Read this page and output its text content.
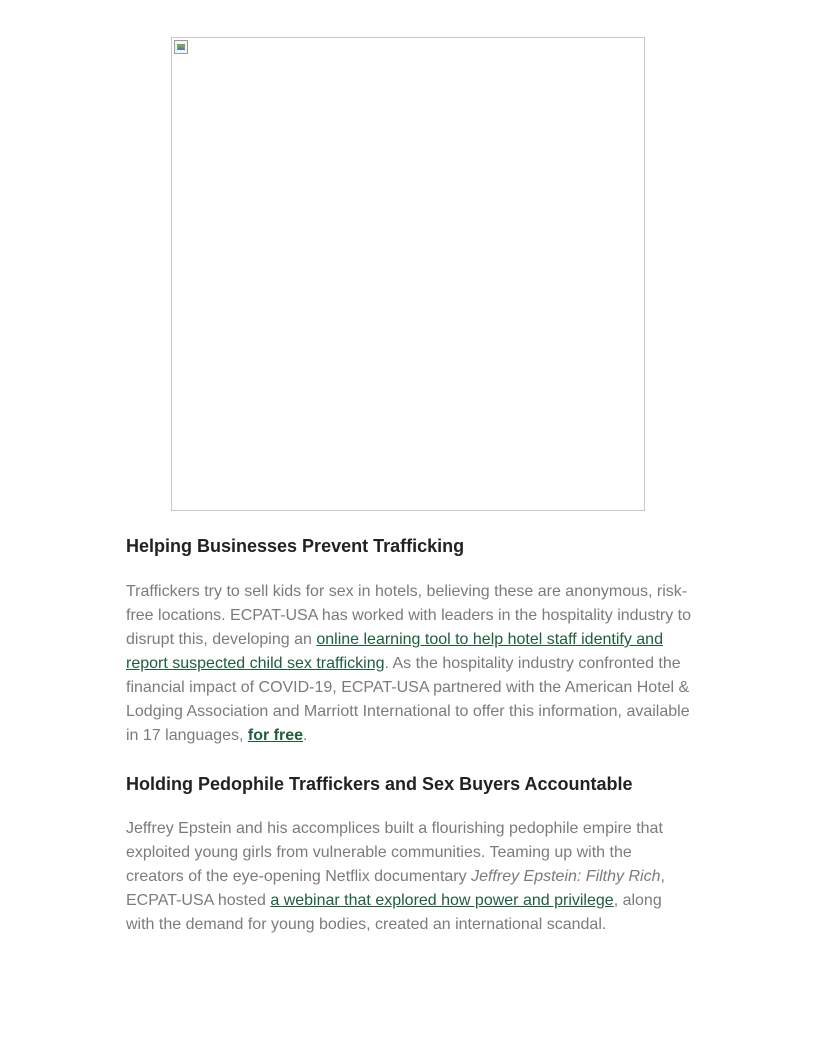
Helping Businesses Prevent Trafficking

Traffickers try to sell kids for sex in hotels, believing these are anonymous, risk-free locations. ECPAT-USA has worked with leaders in the hospitality industry to disrupt this, developing an online learning tool to help hotel staff identify and report suspected child sex trafficking. As the hospitality industry confronted the financial impact of COVID-19, ECPAT-USA partnered with the American Hotel & Lodging Association and Marriott International to offer this information, available in 17 languages, for free.

Holding Pedophile Traffickers and Sex Buyers Accountable

Jeffrey Epstein and his accomplices built a flourishing pedophile empire that exploited young girls from vulnerable communities. Teaming up with the creators of the eye-opening Netflix documentary Jeffrey Epstein: Filthy Rich, ECPAT-USA hosted a webinar that explored how power and privilege, along with the demand for young bodies, created an international scandal.
